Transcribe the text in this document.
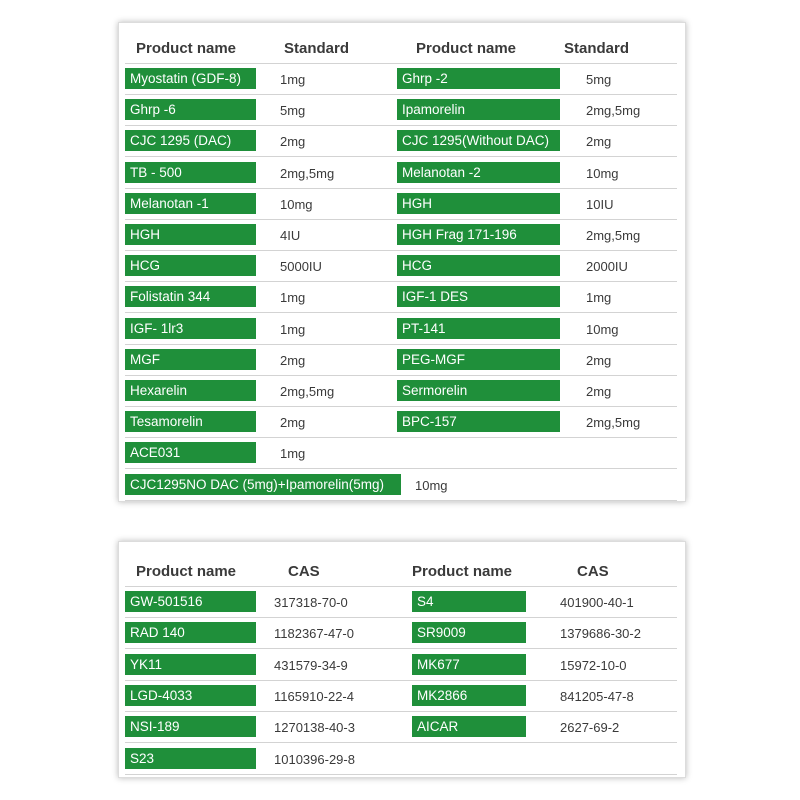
Product name	Standard	Product name	Standard
Myostatin (GDF-8)	1mg	Ghrp -2	5mg
Ghrp -6	5mg	Ipamorelin	2mg,5mg
CJC 1295 (DAC)	2mg	CJC 1295(Without DAC)	2mg
TB - 500	2mg,5mg	Melanotan -2	10mg
Melanotan -1	10mg	HGH	10IU
HGH	4IU	HGH Frag 171-196	2mg,5mg
HCG	5000IU	HCG	2000IU
Folistatin 344	1mg	IGF-1 DES	1mg
IGF- 1lr3	1mg	PT-141	10mg
MGF	2mg	PEG-MGF	2mg
Hexarelin	2mg,5mg	Sermorelin	2mg
Tesamorelin	2mg	BPC-157	2mg,5mg
ACE031	1mg
CJC1295NO DAC (5mg)+Ipamorelin(5mg)	10mg
Product name	CAS	Product name	CAS
GW-501516	317318-70-0	S4	401900-40-1
RAD 140	1182367-47-0	SR9009	1379686-30-2
YK11	431579-34-9	MK677	15972-10-0
LGD-4033	1165910-22-4	MK2866	841205-47-8
NSI-189	1270138-40-3	AICAR	2627-69-2
S23	1010396-29-8
